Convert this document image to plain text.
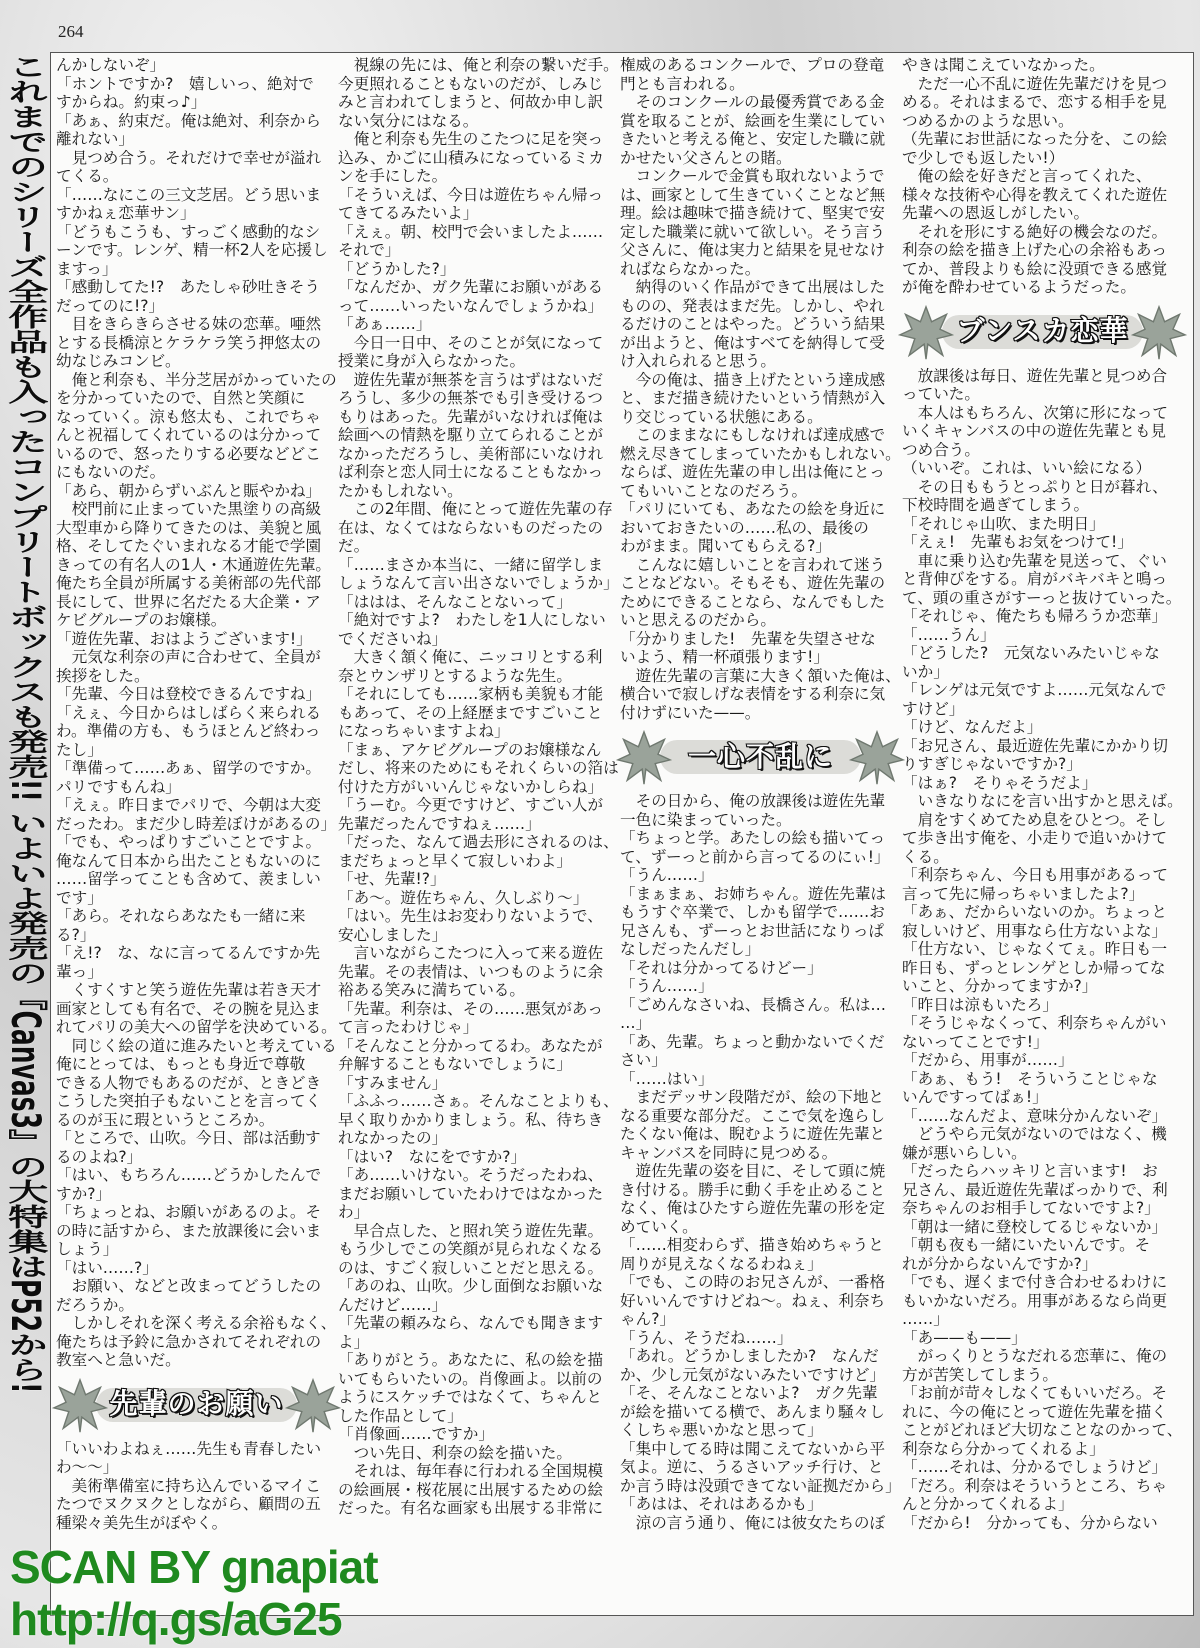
264
これまでのシリーズ全作品も入ったコンプリートボックスも発売!! いよいよ発売の『Canvas3』の大特集はP52から! んかしないぞ」
「ホントですか?　嬉しいっ、絶対で
すからね。約束っ♪」
「あぁ、約束だ。俺は絶対、利奈から
離れない」
　見つめ合う。それだけで幸せが溢れ
てくる。
「……なにこの三文芝居。どう思いま
すかねぇ恋華サン」
「どうもこうも、すっごく感動的なシ
ーンです。レンゲ、精一杯2人を応援し
ますっ」
「感動してた!?　あたしゃ砂吐きそう
だってのに!?」
　目をきらきらさせる妹の恋華。唖然
とする長橋涼とケラケラ笑う押悠太の
幼なじみコンビ。
　俺と利奈も、半分芝居がかっていたの
を分かっていたので、自然と笑顔に
なっていく。涼も悠太も、これでちゃ
んと祝福してくれているのは分かって
いるので、怒ったりする必要などどこ
にもないのだ。
「あら、朝からずいぶんと賑やかね」
　校門前に止まっていた黒塗りの高級
大型車から降りてきたのは、美貌と風
格、そしてたぐいまれなる才能で学園
きっての有名人の1人・木通遊佐先輩。
俺たち全員が所属する美術部の先代部
長にして、世界に名だたる大企業・ア
ケビグループのお嬢様。
「遊佐先輩、おはようございます!」
　元気な利奈の声に合わせて、全員が
挨拶をした。
「先輩、今日は登校できるんですね」
「えぇ、今日からはしばらく来られる
わ。準備の方も、もうほとんど終わっ
たし」
「準備って……あぁ、留学のですか。
パリですもんね」
「えぇ。昨日までパリで、今朝は大変
だったわ。まだ少し時差ぼけがあるの」
「でも、やっぱりすごいことですよ。
俺なんて日本から出たこともないのに
……留学ってことも含めて、羨ましい
です」
「あら。それならあなたも一緒に来
る?」
「え!?　な、なに言ってるんですか先
輩っ」
　くすくすと笑う遊佐先輩は若き天才
画家としても有名で、その腕を見込ま
れてパリの美大への留学を決めている。
　同じく絵の道に進みたいと考えている
俺にとっては、もっとも身近で尊敬
できる人物でもあるのだが、ときどき
こうした突拍子もないことを言ってく
るのが玉に瑕というところか。
「ところで、山吹。今日、部は活動す
るのよね?」
「はい、もちろん……どうかしたんで
すか?」
「ちょっとね、お願いがあるのよ。そ
の時に話すから、また放課後に会いま
しょう」
「はい……?」
　お願い、などと改まってどうしたの
だろうか。
　しかしそれを深く考える余裕もなく、
俺たちは予鈴に急かされてそれぞれの
教室へと急いだ。
先輩のお願い
「いいわよねぇ……先生も青春したい
わ〜〜」
　美術準備室に持ち込んでいるマイこ
たつでヌクヌクとしながら、顧問の五
種梁々美先生がぼやく。
　視線の先には、俺と利奈の繋いだ手。
今更照れることもないのだが、しみじ
みと言われてしまうと、何故か申し訳
ない気分にはなる。
　俺と利奈も先生のこたつに足を突っ
込み、かごに山積みになっているミカ
ンを手にした。
「そういえば、今日は遊佐ちゃん帰っ
てきてるみたいよ」
「えぇ。朝、校門で会いましたよ……
それで」
「どうかした?」
「なんだか、ガク先輩にお願いがある
って……いったいなんでしょうかね」
「あぁ……」
　今日一日中、そのことが気になって
授業に身が入らなかった。
　遊佐先輩が無茶を言うはずはないだ
ろうし、多少の無茶でも引き受けるつ
もりはあった。先輩がいなければ俺は
絵画への情熱を駆り立てられることが
なかっただろうし、美術部にいなけれ
ば利奈と恋人同士になることもなかっ
たかもしれない。
　この2年間、俺にとって遊佐先輩の存
在は、なくてはならないものだったの
だ。
「……まさか本当に、一緒に留学しま
しょうなんて言い出さないでしょうか」
「ははは、そんなことないって」
「絶対ですよ?　わたしを1人にしない
でくださいね」
　大きく頷く俺に、ニッコリとする利
奈とウンザリとするような先生。
「それにしても……家柄も美貌も才能
もあって、その上経歴まですごいこと
になっちゃいますよね」
「まぁ、アケビグループのお嬢様なん
だし、将来のためにもそれくらいの箔は
付けた方がいいんじゃないかしらね」
「うーむ。今更ですけど、すごい人が
先輩だったんですねぇ……」
「だった、なんて過去形にされるのは、
まだちょっと早くて寂しいわよ」
「せ、先輩!?」
「あ〜。遊佐ちゃん、久しぶり〜」
「はい。先生はお変わりないようで、
安心しました」
　言いながらこたつに入って来る遊佐
先輩。その表情は、いつものように余
裕ある笑みに満ちている。
「先輩。利奈は、その……悪気があっ
て言ったわけじゃ」
「そんなこと分かってるわ。あなたが
弁解することもないでしょうに」
「すみません」
「ふふっ……さぁ。そんなことよりも、
早く取りかかりましょう。私、待ちき
れなかったの」
「はい?　なにをですか?」
「あ……いけない。そうだったわね、
まだお願いしていたわけではなかった
わ」
　早合点した、と照れ笑う遊佐先輩。
もう少しでこの笑顔が見られなくなる
のは、すごく寂しいことだと思える。
「あのね、山吹。少し面倒なお願いな
んだけど……」
「先輩の頼みなら、なんでも聞きます
よ」
「ありがとう。あなたに、私の絵を描
いてもらいたいの。肖像画よ。以前の
ようにスケッチではなくて、ちゃんと
した作品として」
「肖像画……ですか」
　つい先日、利奈の絵を描いた。
　それは、毎年春に行われる全国規模
の絵画展・桜花展に出展するための絵
だった。有名な画家も出展する非常に
権威のあるコンクールで、プロの登竜
門とも言われる。
　そのコンクールの最優秀賞である金
賞を取ることが、絵画を生業にしてい
きたいと考える俺と、安定した職に就
かせたい父さんとの賭。
　コンクールで金賞も取れないようで
は、画家として生きていくことなど無
理。絵は趣味で描き続けて、堅実で安
定した職業に就いて欲しい。そう言う
父さんに、俺は実力と結果を見せなけ
ればならなかった。
　納得のいく作品ができて出展はした
ものの、発表はまだ先。しかし、やれ
るだけのことはやった。どういう結果
が出ようと、俺はすべてを納得して受
け入れられると思う。
　今の俺は、描き上げたという達成感
と、まだ描き続けたいという情熱が入
り交じっている状態にある。
　このままなにもしなければ達成感で
燃え尽きてしまっていたかもしれない。
ならば、遊佐先輩の申し出は俺にとっ
てもいいことなのだろう。
「パリにいても、あなたの絵を身近に
おいておきたいの……私の、最後の
わがまま。聞いてもらえる?」
　こんなに嬉しいことを言われて迷う
ことなどない。そもそも、遊佐先輩の
ためにできることなら、なんでもした
いと思えるのだから。
「分かりました!　先輩を失望させな
いよう、精一杯頑張ります!」
　遊佐先輩の言葉に大きく頷いた俺は、
横合いで寂しげな表情をする利奈に気
付けずにいた——。
一心不乱に
　その日から、俺の放課後は遊佐先輩
一色に染まっていった。
「ちょっと学。あたしの絵も描いてっ
て、ずーっと前から言ってるのにぃ!」
「うん……」
「まぁまぁ、お姉ちゃん。遊佐先輩は
もうすぐ卒業で、しかも留学で……お
兄さんも、ずーっとお世話になりっぱ
なしだったんだし」
「それは分かってるけどー」
「うん……」
「ごめんなさいね、長橋さん。私は…
…」
「あ、先輩。ちょっと動かないでくだ
さい」
「……はい」
　まだデッサン段階だが、絵の下地と
なる重要な部分だ。ここで気を逸らし
たくない俺は、睨むように遊佐先輩と
キャンバスを同時に見つめる。
　遊佐先輩の姿を目に、そして頭に焼
き付ける。勝手に動く手を止めること
なく、俺はひたすら遊佐先輩の形を定
めていく。
「……相変わらず、描き始めちゃうと
周りが見えなくなるわねぇ」
「でも、この時のお兄さんが、一番格
好いいんですけどね〜。ねぇ、利奈ち
ゃん?」
「うん、そうだね……」
「あれ。どうかしましたか?　なんだ
か、少し元気がないみたいですけど」
「そ、そんなことないよ?　ガク先輩
が絵を描いてる横で、あんまり騒々し
くしちゃ悪いかなと思って」
「集中してる時は聞こえてないから平
気よ。逆に、うるさいアッチ行け、と
か言う時は没頭できてない証拠だから」
「あはは、それはあるかも」
　涼の言う通り、俺には彼女たちのぼ
やきは聞こえていなかった。
　ただ一心不乱に遊佐先輩だけを見つ
める。それはまるで、恋する相手を見
つめるかのような思い。
（先輩にお世話になった分を、この絵
で少しでも返したい!）
　俺の絵を好きだと言ってくれた、
様々な技術や心得を教えてくれた遊佐
先輩への恩返しがしたい。
　それを形にする絶好の機会なのだ。
利奈の絵を描き上げた心の余裕もあっ
てか、普段よりも絵に没頭できる感覚
が俺を酔わせているようだった。
ブンスカ恋華
　放課後は毎日、遊佐先輩と見つめ合
っていた。
　本人はもちろん、次第に形になって
いくキャンバスの中の遊佐先輩とも見
つめ合う。
（いいぞ。これは、いい絵になる）
　その日ももうとっぷりと日が暮れ、
下校時間を過ぎてしまう。
「それじゃ山吹、また明日」
「えぇ!　先輩もお気をつけて!」
　車に乗り込む先輩を見送って、ぐい
と背伸びをする。肩がバキバキと鳴っ
て、頭の重さがすーっと抜けていった。
「それじゃ、俺たちも帰ろうか恋華」
「……うん」
「どうした?　元気ないみたいじゃな
いか」
「レンゲは元気ですよ……元気なんで
すけど」
「けど、なんだよ」
「お兄さん、最近遊佐先輩にかかり切
りすぎじゃないですか?」
「はぁ?　そりゃそうだよ」
　いきなりなにを言い出すかと思えば。
　肩をすくめてため息をひとつ。そし
て歩き出す俺を、小走りで追いかけて
くる。
「利奈ちゃん、今日も用事があるって
言って先に帰っちゃいましたよ?」
「あぁ、だからいないのか。ちょっと
寂しいけど、用事なら仕方ないよな」
「仕方ない、じゃなくてぇ。昨日も一
昨日も、ずっとレンゲとしか帰ってな
いこと、分かってますか?」
「昨日は涼もいたろ」
「そうじゃなくって、利奈ちゃんがい
ないってことです!」
「だから、用事が……」
「あぁ、もう!　そういうことじゃな
いんですってばぁ!」
「……なんだよ、意味分かんないぞ」
　どうやら元気がないのではなく、機
嫌が悪いらしい。
「だったらハッキリと言います!　お
兄さん、最近遊佐先輩ばっかりで、利
奈ちゃんのお相手してないですよ?」
「朝は一緒に登校してるじゃないか」
「朝も夜も一緒にいたいんです。そ
れが分からないんですか?」
「でも、遅くまで付き合わせるわけに
もいかないだろ。用事があるなら尚更
……」
「あ——も——」
　がっくりとうなだれる恋華に、俺の
方が苦笑してしまう。
「お前が苛々しなくてもいいだろ。そ
れに、今の俺にとって遊佐先輩を描く
ことがどれほど大切なことなのかって、
利奈なら分かってくれるよ」
「……それは、分かるでしょうけど」
「だろ。利奈はそういうところ、ちゃ
んと分かってくれるよ」
「だから!　分かっても、分からない
SCAN BY gnapiat
http://q.gs/aG25
